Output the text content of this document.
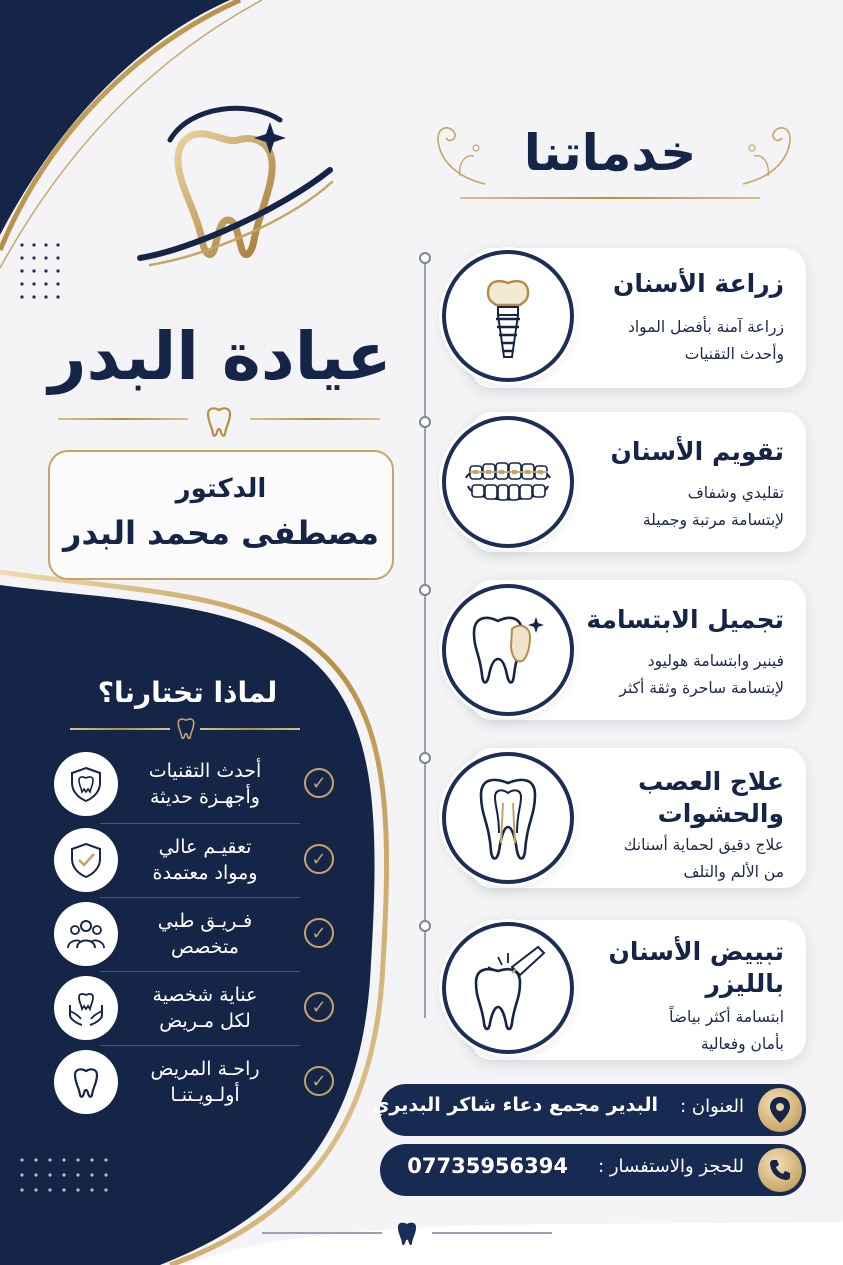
عيادة البدر
الدكتور
مصطفى محمد البدر
لماذا تختارنا؟
أحدث التقنيات
وأجهـزة حديثة
✓
تعقيـم عالي
ومواد معتمدة
✓
فـريـق طبي
متخصص
✓
عناية شخصية
لكل مـريض
✓
راحـة المريض
أولـويـتنـا
✓
خدماتنا
زراعة الأسنان
زراعة آمنة بأفضل المواد
وأحدث التقنيات
تقويم الأسنان
تقليدي وشفاف
لإبتسامة مرتبة وجميلة
تجميل الابتسامة
فينير وابتسامة هوليود
لإبتسامة ساحرة وثقة أكثر
علاج العصب والحشوات
علاج دقيق لحماية أسنانك
من الألم والتلف
تبييض الأسنان بالليزر
ابتسامة أكثر بياضاً
بأمان وفعالية
العنوان :
البدير مجمع دعاء شاكر البديري
للحجز والاستفسار :
07735956394
